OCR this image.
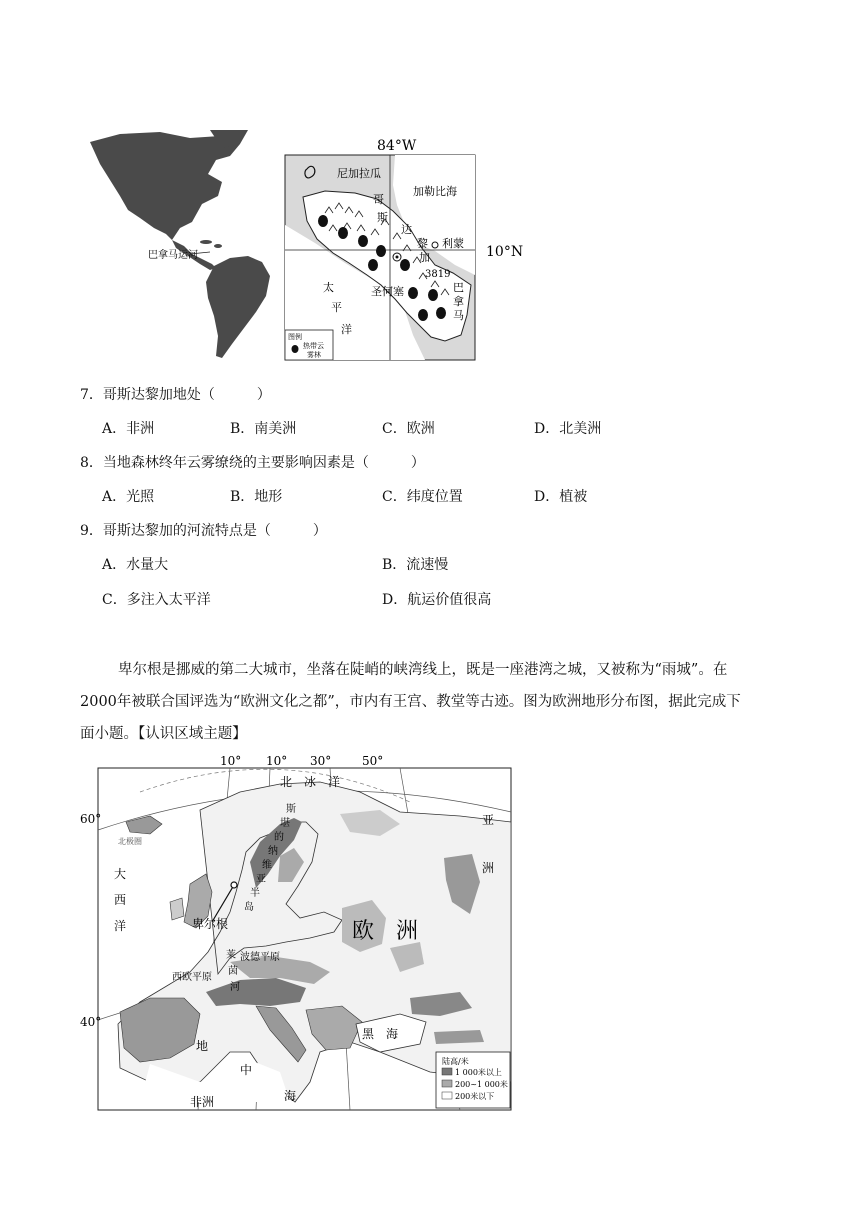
巴拿马运河
尼加拉瓜
加勒比海
哥
斯
达
黎
加
利蒙
3819
太
平
洋
圣何塞	巴
拿
马
图例
热带云
雾林
84°W
10°N
7．哥斯达黎加地处（　　　）
A．非洲	B．南美洲	C．欧洲	D．北美洲
8．当地森林终年云雾缭绕的主要影响因素是（　　　）
A．光照	B．地形	C．纬度位置	D．植被
9．哥斯达黎加的河流特点是（　　　）
A．水量大	B．流速慢
C．多注入太平洋	D．航运价值很高
卑尔根是挪威的第二大城市，坐落在陡峭的峡湾线上，既是一座港湾之城，又被称为“雨城”。在
2000年被联合国评选为“欧洲文化之都”，市内有王宫、教堂等古迹。图为欧洲地形分布图，据此完成下
面小题。【认识区域主题】
10° 10° 30°	50°
60°
40°
北　冰　洋
北极圈
大
西
洋
斯
堪
的
纳
维
亚
半
岛
卑尔根	欧　洲
亚
洲
西欧平原
波德平原
莱
茵
河
黑　海
地
中
海
非洲
陆高/米
1 000米以上
200~1 000米
200米以下
